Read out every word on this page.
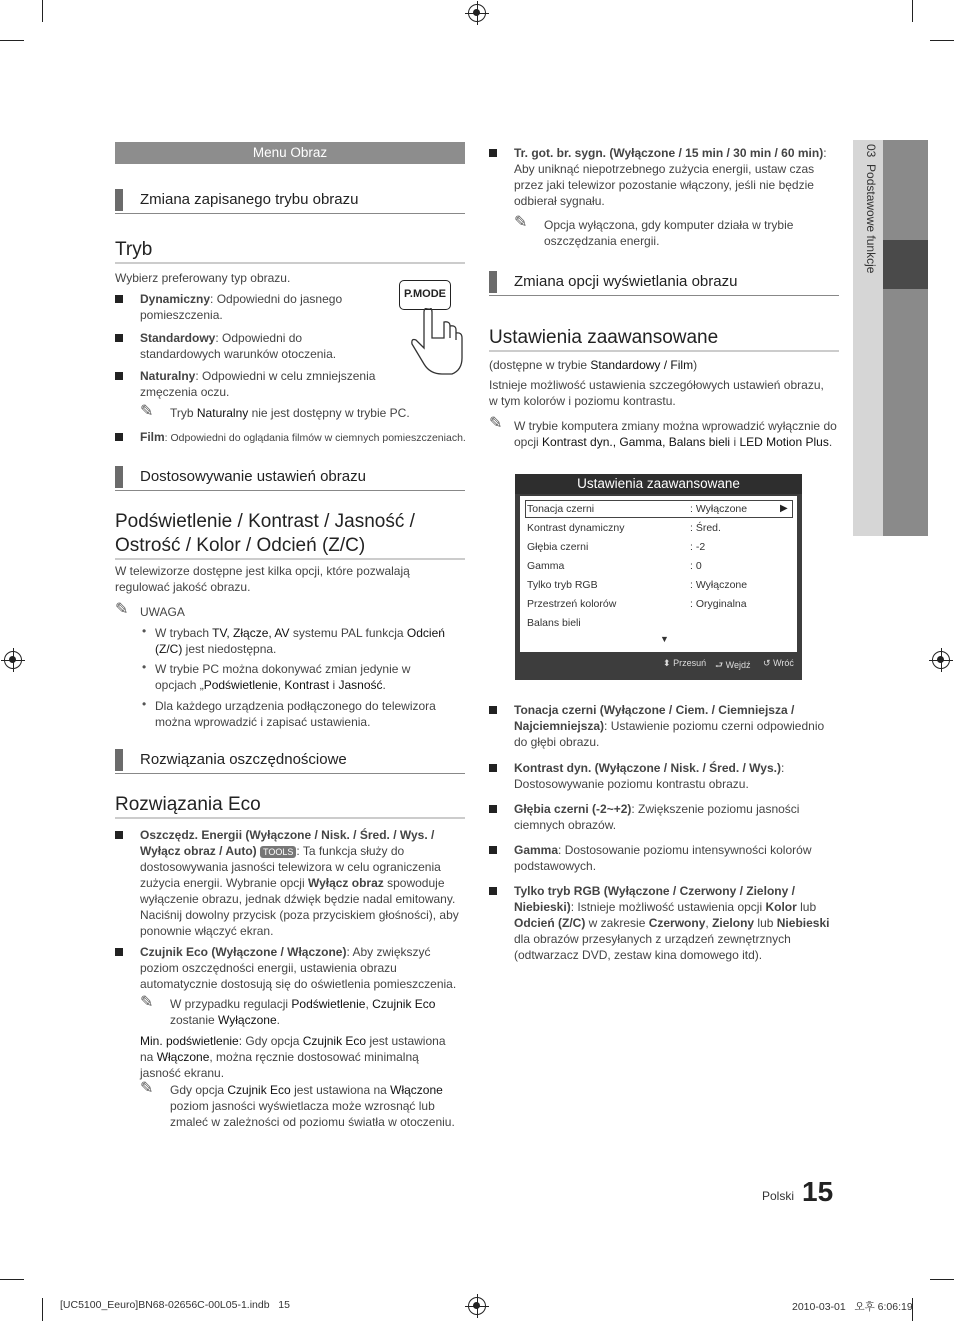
Menu Obraz
Zmiana zapisanego trybu obrazu
Tryb
Wybierz preferowany typ obrazu.
P.MODE
Dynamiczny: Odpowiedni do jasnego pomieszczenia.
Standardowy: Odpowiedni do standardowych warunków otoczenia.
Naturalny: Odpowiedni w celu zmniejszenia zmęczenia oczu.
✎ Tryb Naturalny nie jest dostępny w trybie PC.
Film: Odpowiedni do oglądania filmów w ciemnych pomieszczeniach.
Dostosowywanie ustawień obrazu
Podświetlenie / Kontrast / Jasność / Ostrość / Kolor / Odcień (Z/C)
W telewizorze dostępne jest kilka opcji, które pozwalają regulować jakość obrazu.
✎ UWAGA
• W trybach TV, Złącze, AV systemu PAL funkcja Odcień (Z/C) jest niedostępna.
• W trybie PC można dokonywać zmian jedynie w opcjach „Podświetlenie, Kontrast i Jasność.
• Dla każdego urządzenia podłączonego do telewizora można wprowadzić i zapisać ustawienia.
Rozwiązania oszczędnościowe
Rozwiązania Eco
Oszczędz. Energii (Wyłączone / Nisk. / Śred. / Wys. / Wyłącz obraz / Auto) TOOLS : Ta funkcja służy do dostosowywania jasności telewizora w celu ograniczenia zużycia energii. Wybranie opcji Wyłącz obraz spowoduje wyłączenie obrazu, jednak dźwięk będzie nadal emitowany. Naciśnij dowolny przycisk (poza przyciskiem głośności), aby ponownie włączyć ekran.
Czujnik Eco (Wyłączone / Włączone): Aby zwiększyć poziom oszczędności energii, ustawienia obrazu automatycznie dostosują się do oświetlenia pomieszczenia.
✎ W przypadku regulacji Podświetlenie, Czujnik Eco zostanie Wyłączone.
Min. podświetlenie: Gdy opcja Czujnik Eco jest ustawiona na Włączone, można ręcznie dostosować minimalną jasność ekranu.
✎ Gdy opcja Czujnik Eco jest ustawiona na Włączone poziom jasności wyświetlacza może wzrosnąć lub zmaleć w zależności od poziomu światła w otoczeniu.
Tr. got. br. sygn. (Wyłączone / 15 min / 30 min / 60 min): Aby uniknąć niepotrzebnego zużycia energii, ustaw czas przez jaki telewizor pozostanie włączony, jeśli nie będzie odbierał sygnału.
✎ Opcja wyłączona, gdy komputer działa w trybie oszczędzania energii.
Zmiana opcji wyświetlania obrazu
Ustawienia zaawansowane
(dostępne w trybie Standardowy / Film)
Istnieje możliwość ustawienia szczegółowych ustawień obrazu, w tym kolorów i poziomu kontrastu.
✎ W trybie komputera zmiany można wprowadzić wyłącznie do opcji Kontrast dyn., Gamma, Balans bieli i LED Motion Plus.
Ustawienia zaawansowane
Tonacja czerni	: Wyłączone	▶
Kontrast dynamiczny	: Śred.
Głębia czerni	: -2
Gamma	: 0
Tylko tryb RGB	: Wyłączone
Przestrzeń kolorów	: Oryginalna
Balans bieli
▼
⬍ Przesuń ⮐ Wejdź ↺ Wróć
Tonacja czerni (Wyłączone / Ciem. / Ciemniejsza / Najciemniejsza): Ustawienie poziomu czerni odpowiednio do głębi obrazu.
Kontrast dyn. (Wyłączone / Nisk. / Śred. / Wys.): Dostosowywanie poziomu kontrastu obrazu.
Głębia czerni (-2~+2): Zwiększenie poziomu jasności ciemnych obrazów.
Gamma: Dostosowanie poziomu intensywności kolorów podstawowych.
Tylko tryb RGB (Wyłączone / Czerwony / Zielony / Niebieski): Istnieje możliwość ustawienia opcji Kolor lub Odcień (Z/C) w zakresie Czerwony, Zielony lub Niebieski dla obrazów przesyłanych z urządzeń zewnętrznych (odtwarzacz DVD, zestaw kina domowego itd).
03  Podstawowe funkcje
Polski 15
[UC5100_Eeuro]BN68-02656C-00L05-1.indb   15	2010-03-01   오후 6:06:19
